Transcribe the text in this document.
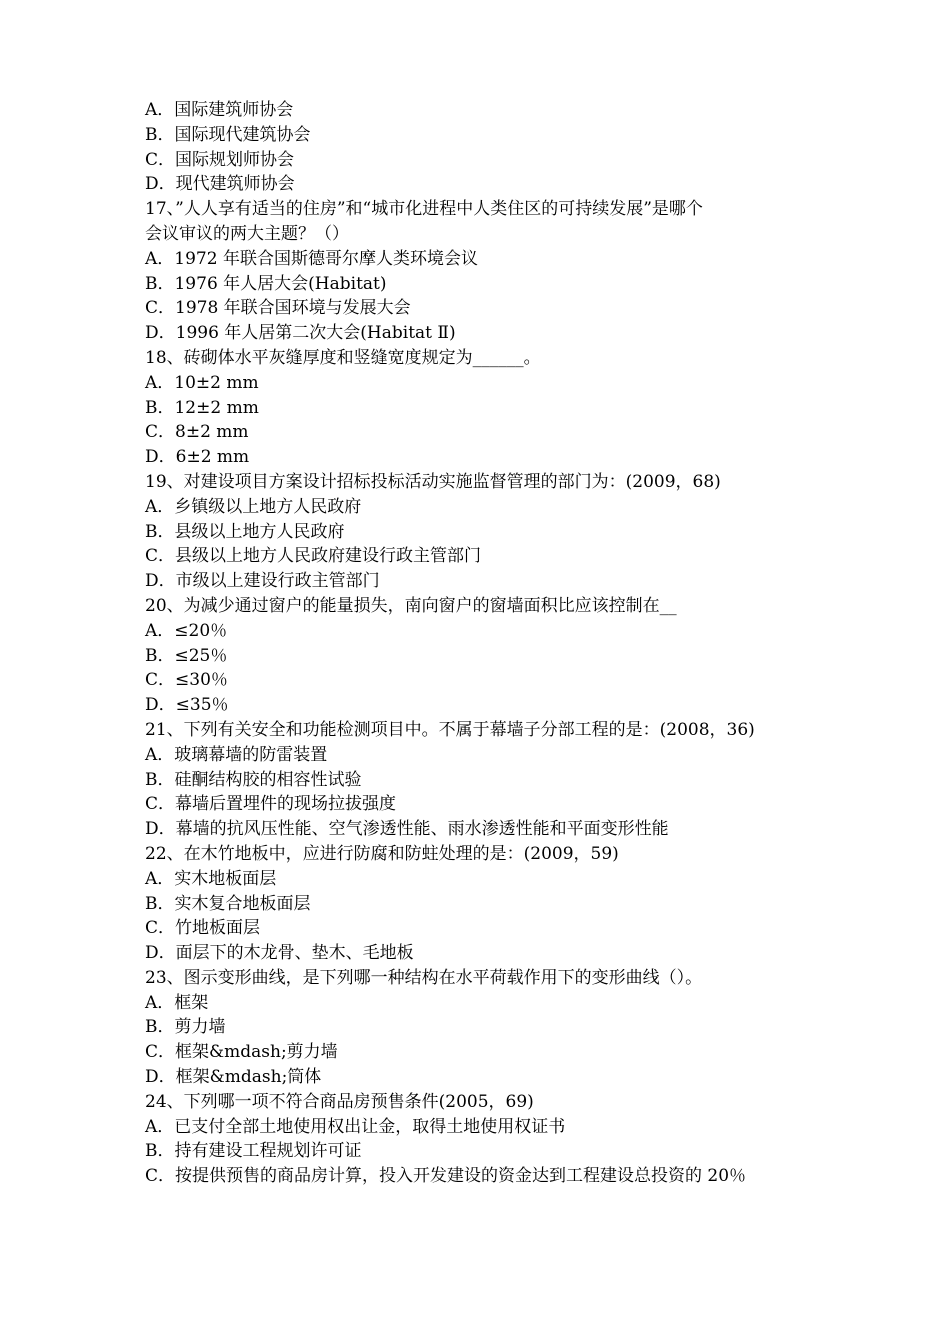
A．国际建筑师协会

B．国际现代建筑协会

C．国际规划师协会

D．现代建筑师协会

17、”人人享有适当的住房”和“城市化进程中人类住区的可持续发展”是哪个

会议审议的两大主题？（）

A．1972 年联合国斯德哥尔摩人类环境会议

B．1976 年人居大会(Habitat)

C．1978 年联合国环境与发展大会

D．1996 年人居第二次大会(Habitat Ⅱ)

18、砖砌体水平灰缝厚度和竖缝宽度规定为______。

A．10±2 mm

B．12±2 mm

C．8±2 mm

D．6±2 mm

19、对建设项目方案设计招标投标活动实施监督管理的部门为：(2009，68)

A．乡镇级以上地方人民政府

B．县级以上地方人民政府

C．县级以上地方人民政府建设行政主管部门

D．市级以上建设行政主管部门

20、为减少通过窗户的能量损失，南向窗户的窗墙面积比应该控制在__

A．≤20％

B．≤25％

C．≤30％

D．≤35％

21、下列有关安全和功能检测项目中。不属于幕墙子分部工程的是：(2008，36)

A．玻璃幕墙的防雷装置

B．硅酮结构胶的相容性试验

C．幕墙后置埋件的现场拉拔强度

D．幕墙的抗风压性能、空气渗透性能、雨水渗透性能和平面变形性能

22、在木竹地板中，应进行防腐和防蛀处理的是：(2009，59)

A．实木地板面层

B．实木复合地板面层

C．竹地板面层

D．面层下的木龙骨、垫木、毛地板

23、图示变形曲线，是下列哪一种结构在水平荷载作用下的变形曲线（）。

A．框架

B．剪力墙

C．框架&mdash;剪力墙

D．框架&mdash;筒体

24、下列哪一项不符合商品房预售条件(2005，69)

A．已支付全部土地使用权出让金，取得土地使用权证书

B．持有建设工程规划许可证

C．按提供预售的商品房计算，投入开发建设的资金达到工程建设总投资的 20％
